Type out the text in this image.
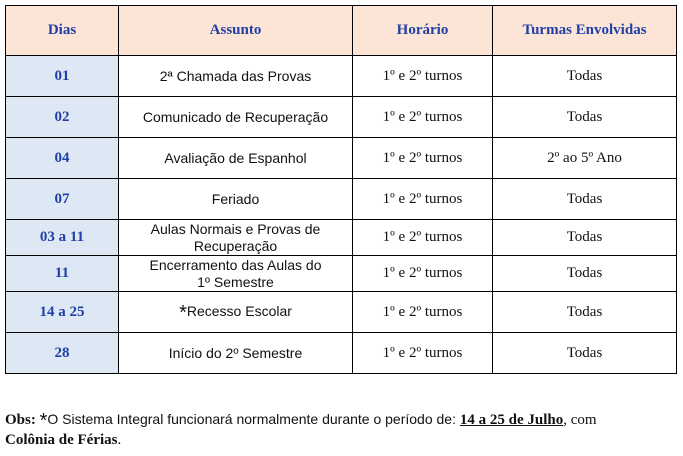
Dias	Assunto	Horário	Turmas Envolvidas
01	2ª Chamada das Provas	1º e 2º turnos	Todas
02	Comunicado de Recuperação	1º e 2º turnos	Todas
04	Avaliação de Espanhol	1º e 2º turnos	2º ao 5º Ano
07	Feriado	1º e 2º turnos	Todas
03 a 11	Aulas Normais e Provas de
Recuperação	1º e 2º turnos	Todas
11	Encerramento das Aulas do
1º Semestre	1º e 2º turnos	Todas
14 a 25	*Recesso Escolar	1º e 2º turnos	Todas
28	Início do 2º Semestre	1º e 2º turnos	Todas
Obs: *O Sistema Integral funcionará normalmente durante o período de: 14 a 25 de Julho, com
Colônia de Férias.
